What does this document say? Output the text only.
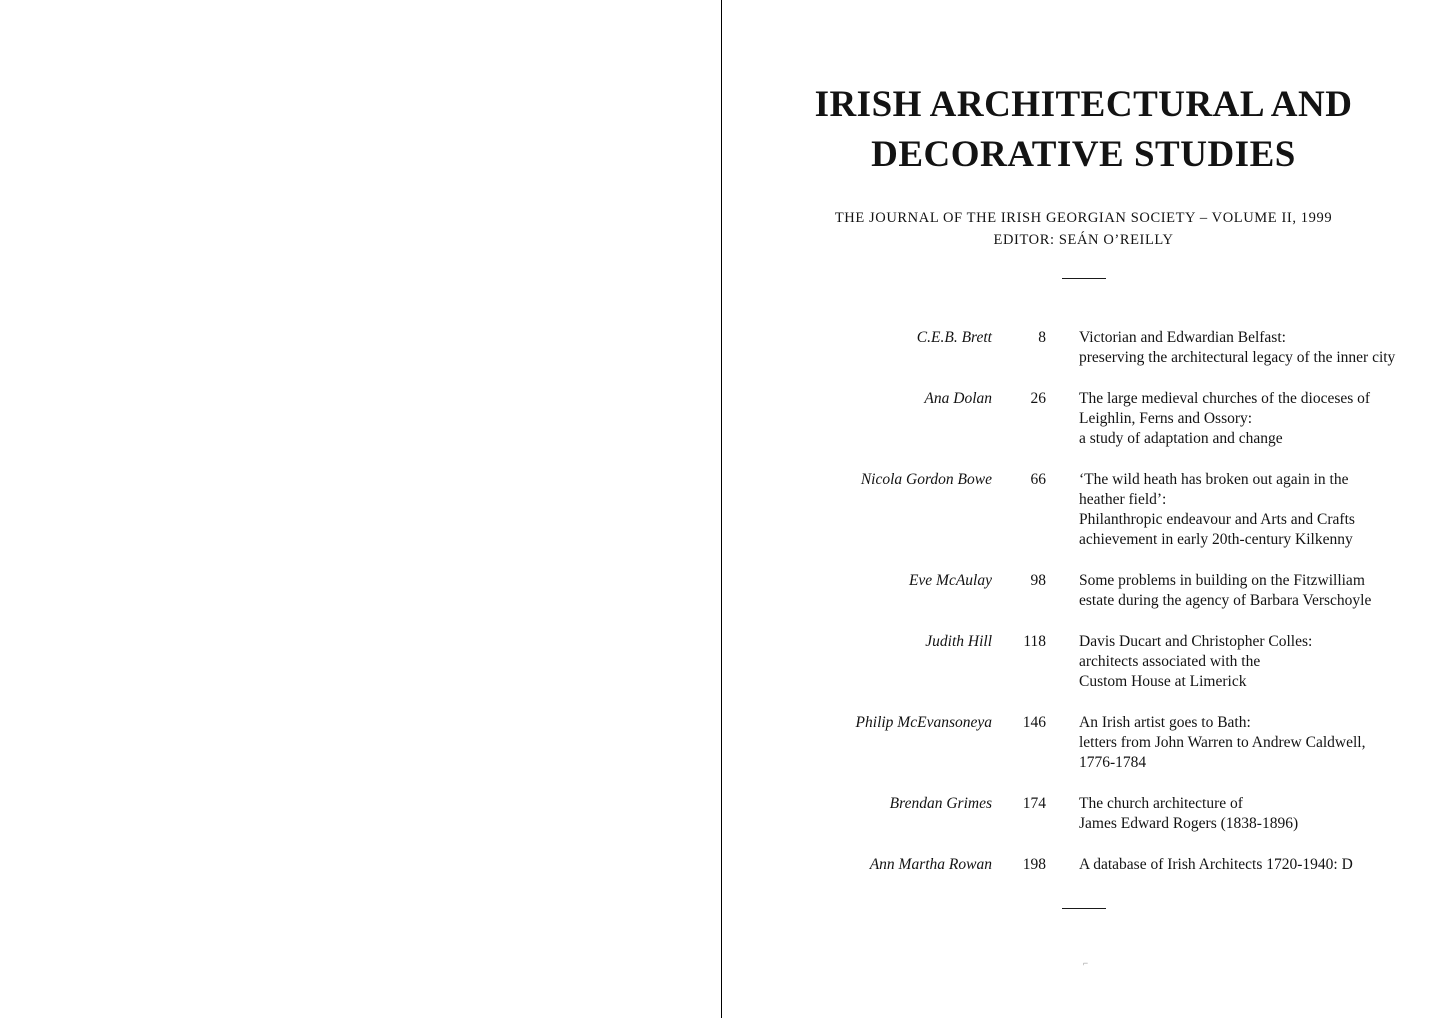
IRISH ARCHITECTURAL AND
DECORATIVE STUDIES
THE JOURNAL OF THE IRISH GEORGIAN SOCIETY – VOLUME II, 1999
EDITOR: SEÁN O’REILLY
C.E.B. Brett	8 Victorian and Edwardian Belfast:
preserving the architectural legacy of the inner city
Ana Dolan	26 The large medieval churches of the dioceses of
Leighlin, Ferns and Ossory:
a study of adaptation and change
Nicola Gordon Bowe	66 ‘The wild heath has broken out again in the
heather field’:
Philanthropic endeavour and Arts and Crafts
achievement in early 20th-century Kilkenny
Eve McAulay	98 Some problems in building on the Fitzwilliam
estate during the agency of Barbara Verschoyle
Judith Hill	118 Davis Ducart and Christopher Colles:
architects associated with the
Custom House at Limerick
Philip McEvansoneya	146 An Irish artist goes to Bath:
letters from John Warren to Andrew Caldwell,
1776-1784
Brendan Grimes	174 The church architecture of
James Edward Rogers (1838-1896)
Ann Martha Rowan	198 A database of Irish Architects 1720-1940: D
⌐
